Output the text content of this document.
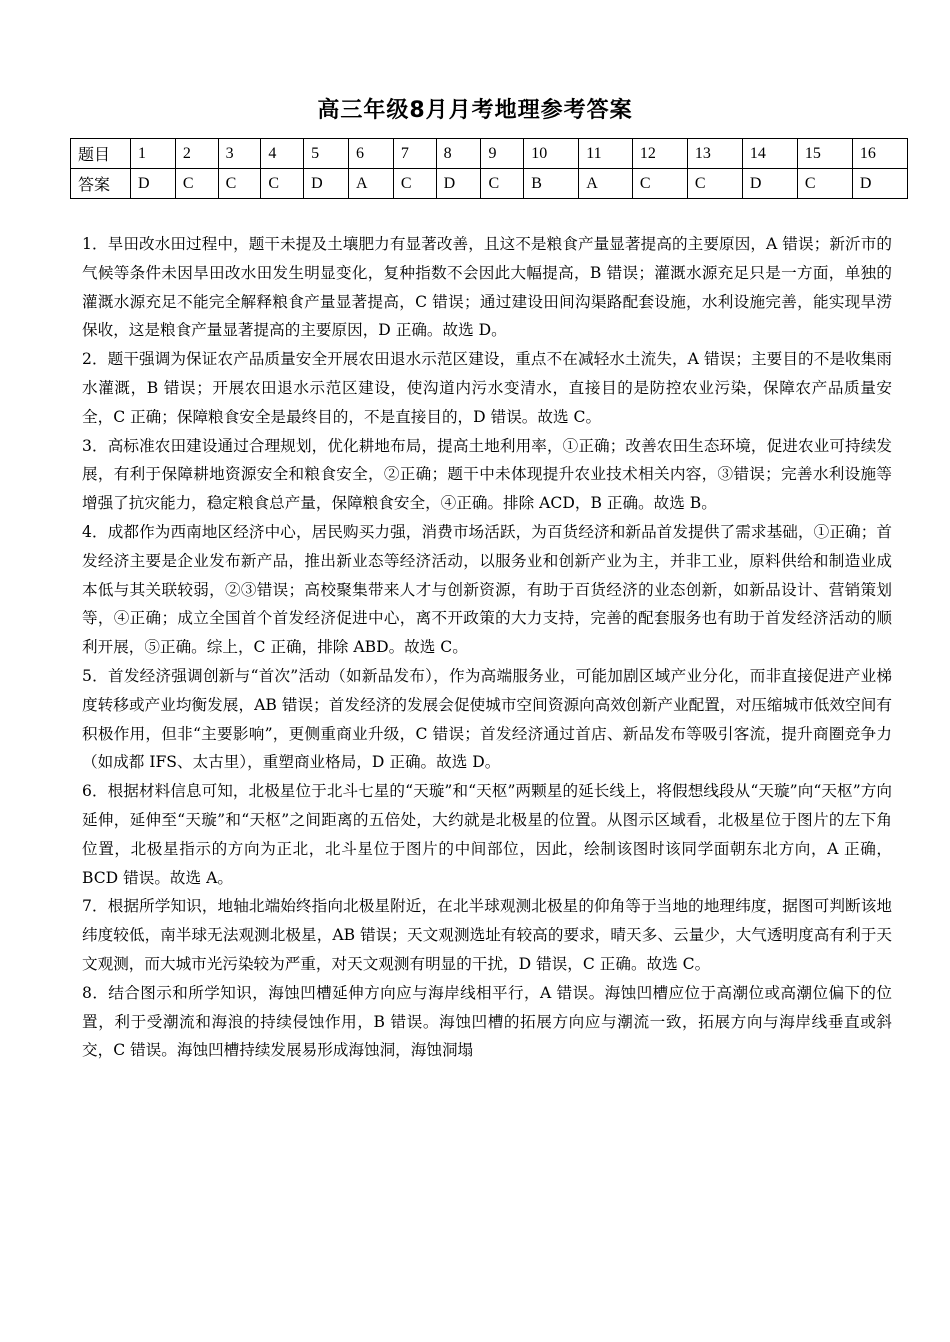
高三年级8月月考地理参考答案
题目	1	2	3	4	5	6	7	8	9	10	11	12	13	14	15	16
答案	D	C	C	C	D	A	C	D	C	B	A	C	C	D	C	D

1．旱田改水田过程中，题干未提及土壤肥力有显著改善，且这不是粮食产量显著提高的主要原因，A 错误；新沂市的气候等条件未因旱田改水田发生明显变化，复种指数不会因此大幅提高，B 错误；灌溉水源充足只是一方面，单独的灌溉水源充足不能完全解释粮食产量显著提高，C 错误；通过建设田间沟渠路配套设施，水利设施完善，能实现旱涝保收，这是粮食产量显著提高的主要原因，D 正确。故选 D。

2．题干强调为保证农产品质量安全开展农田退水示范区建设，重点不在减轻水土流失，A 错误；主要目的不是收集雨水灌溉，B 错误；开展农田退水示范区建设，使沟道内污水变清水，直接目的是防控农业污染，保障农产品质量安全，C 正确；保障粮食安全是最终目的，不是直接目的，D 错误。故选 C。

3．高标准农田建设通过合理规划，优化耕地布局，提高土地利用率，①正确；改善农田生态环境，促进农业可持续发展，有利于保障耕地资源安全和粮食安全，②正确；题干中未体现提升农业技术相关内容，③错误；完善水利设施等增强了抗灾能力，稳定粮食总产量，保障粮食安全，④正确。排除 ACD，B 正确。故选 B。

4．成都作为西南地区经济中心，居民购买力强，消费市场活跃，为百货经济和新品首发提供了需求基础，①正确；首发经济主要是企业发布新产品，推出新业态等经济活动，以服务业和创新产业为主，并非工业，原料供给和制造业成本低与其关联较弱，②③错误；高校聚集带来人才与创新资源，有助于百货经济的业态创新，如新品设计、营销策划等，④正确；成立全国首个首发经济促进中心，离不开政策的大力支持，完善的配套服务也有助于首发经济活动的顺利开展，⑤正确。综上，C 正确，排除 ABD。故选 C。

5．首发经济强调创新与“首次”活动（如新品发布），作为高端服务业，可能加剧区域产业分化，而非直接促进产业梯度转移或产业均衡发展，AB 错误；首发经济的发展会促使城市空间资源向高效创新产业配置，对压缩城市低效空间有积极作用，但非“主要影响”，更侧重商业升级，C 错误；首发经济通过首店、新品发布等吸引客流，提升商圈竞争力（如成都 IFS、太古里），重塑商业格局，D 正确。故选 D。

6．根据材料信息可知，北极星位于北斗七星的“天璇”和“天枢”两颗星的延长线上，将假想线段从“天璇”向“天枢”方向延伸，延伸至“天璇”和“天枢”之间距离的五倍处，大约就是北极星的位置。从图示区域看，北极星位于图片的左下角位置，北极星指示的方向为正北，北斗星位于图片的中间部位，因此，绘制该图时该同学面朝东北方向，A 正确，BCD 错误。故选 A。

7．根据所学知识，地轴北端始终指向北极星附近，在北半球观测北极星的仰角等于当地的地理纬度，据图可判断该地纬度较低，南半球无法观测北极星，AB 错误；天文观测选址有较高的要求，晴天多、云量少，大气透明度高有利于天文观测，而大城市光污染较为严重，对天文观测有明显的干扰，D 错误，C 正确。故选 C。

8．结合图示和所学知识，海蚀凹槽延伸方向应与海岸线相平行，A 错误。海蚀凹槽应位于高潮位或高潮位偏下的位置，利于受潮流和海浪的持续侵蚀作用，B 错误。海蚀凹槽的拓展方向应与潮流一致，拓展方向与海岸线垂直或斜交，C 错误。海蚀凹槽持续发展易形成海蚀洞，海蚀洞塌
